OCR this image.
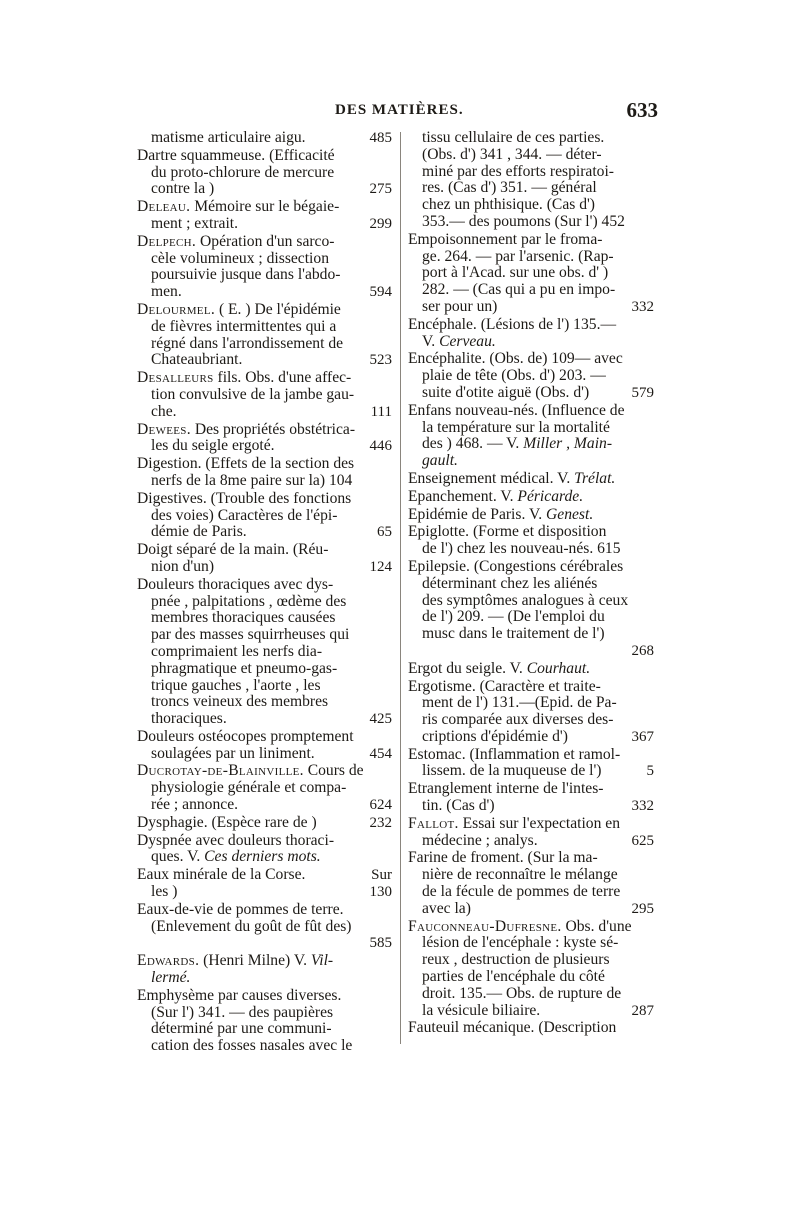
DES MATIÈRES.	633
matisme articulaire aigu.	485
Dartre squammeuse. (Efficacité
du proto-chlorure de mercure
contre la )	275
Deleau. Mémoire sur le bégaie-
ment ; extrait.	299
Delpech. Opération d'un sarco-
cèle volumineux ; dissection
poursuivie jusque dans l'abdo-
men.	594
Delourmel. ( E. ) De l'épidémie
de fièvres intermittentes qui a
régné dans l'arrondissement de
Chateaubriant.	523
Desalleurs fils. Obs. d'une affec-
tion convulsive de la jambe gau-
che.	111
Dewees. Des propriétés obstétrica-
les du seigle ergoté.	446
Digestion. (Effets de la section des
nerfs de la 8me paire sur la) 104
Digestives. (Trouble des fonctions
des voies) Caractères de l'épi-
démie de Paris.	65
Doigt séparé de la main. (Réu-
nion d'un)	124
Douleurs thoraciques avec dys-
pnée , palpitations , œdème des
membres thoraciques causées
par des masses squirrheuses qui
comprimaient les nerfs dia-
phragmatique et pneumo-gas-
trique gauches , l'aorte , les
troncs veineux des membres
thoraciques.	425
Douleurs ostéocopes promptement
soulagées par un liniment.	454
Ducrotay-de-Blainville. Cours de
physiologie générale et compa-
rée ; annonce.	624
Dysphagie. (Espèce rare de )	232
Dyspnée avec douleurs thoraci-
ques. V. Ces derniers mots.
Eaux minérale de la Corse.	Sur
les )	130
Eaux-de-vie de pommes de terre.
(Enlevement du goût de fût des)
585
Edwards. (Henri Milne) V. Vil-
lermé.
Emphysème par causes diverses.
(Sur l') 341. — des paupières
déterminé par une communi-
cation des fosses nasales avec le
tissu cellulaire de ces parties.
(Obs. d') 341 , 344. — déter-
miné par des efforts respiratoi-
res. (Cas d') 351. — général
chez un phthisique. (Cas d')
353.— des poumons (Sur l') 452
Empoisonnement par le froma-
ge. 264. — par l'arsenic. (Rap-
port à l'Acad. sur une obs. d' )
282. — (Cas qui a pu en impo-
ser pour un)	332
Encéphale. (Lésions de l') 135.—
V. Cerveau.
Encéphalite. (Obs. de) 109— avec
plaie de tête (Obs. d') 203. —
suite d'otite aiguë (Obs. d')	579
Enfans nouveau-nés. (Influence de
la température sur la mortalité
des ) 468. — V. Miller , Main-
gault.
Enseignement médical. V. Trélat.
Epanchement. V. Péricarde.
Epidémie de Paris. V. Genest.
Epiglotte. (Forme et disposition
de l') chez les nouveau-nés. 615
Epilepsie. (Congestions cérébrales
déterminant chez les aliénés
des symptômes analogues à ceux
de l') 209. — (De l'emploi du
musc dans le traitement de l')
268
Ergot du seigle. V. Courhaut.
Ergotisme. (Caractère et traite-
ment de l') 131.—(Epid. de Pa-
ris comparée aux diverses des-
criptions d'épidémie d')	367
Estomac. (Inflammation et ramol-
lissem. de la muqueuse de l')	5
Etranglement interne de l'intes-
tin. (Cas d')	332
Fallot. Essai sur l'expectation en
médecine ; analys.	625
Farine de froment. (Sur la ma-
nière de reconnaître le mélange
de la fécule de pommes de terre
avec la)	295
Fauconneau-Dufresne. Obs. d'une
lésion de l'encéphale : kyste sé-
reux , destruction de plusieurs
parties de l'encéphale du côté
droit. 135.— Obs. de rupture de
la vésicule biliaire.	287
Fauteuil mécanique. (Description
